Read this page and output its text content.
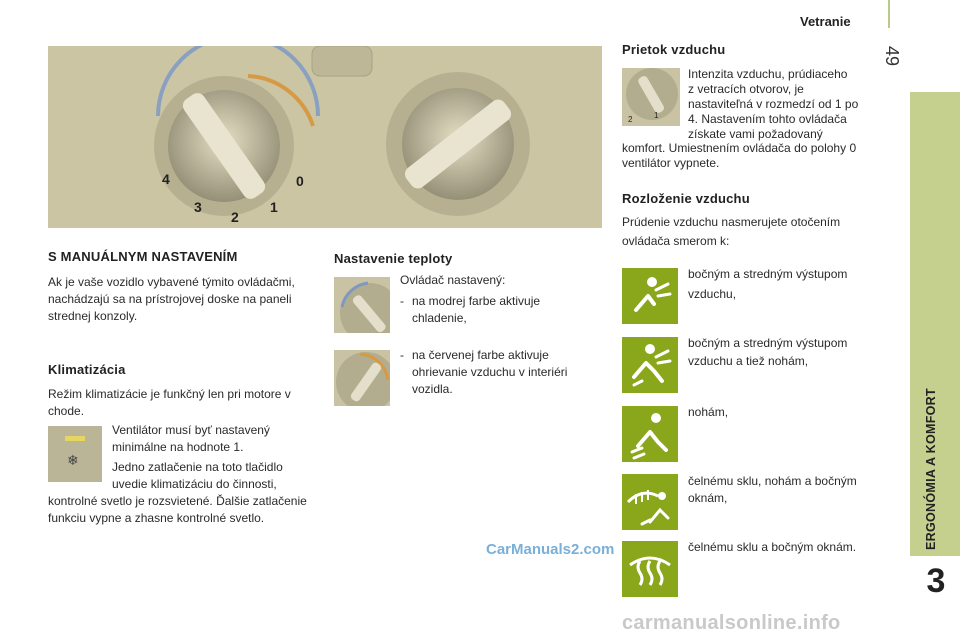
Vetranie
49
ERGONÓMIA A KOMFORT
3
4
3
2
1
0
S MANUÁLNYM NASTAVENÍM

Ak je vaše vozidlo vybavené týmito ovládačmi, nachádzajú sa na prístrojovej doske na paneli strednej konzoly.

Klimatizácia

Režim klimatizácie je funkčný len pri motore v chode.

❄

Ventilátor musí byť nastavený

minimálne na hodnote 1.

Jedno zatlačenie na toto tlačidlo

uvedie klimatizáciu do činnosti,

kontrolné svetlo je rozsvietené. Ďalšie zatlačenie funkciu vypne a zhasne kontrolné svetlo.

Nastavenie teploty

Ovládač nastavený:

- na modrej farbe aktivuje

chladenie,

- na červenej farbe aktivuje

ohrievanie vzduchu v interiéri

vozidla.

Prietok vzduchu
2	1

Intenzita vzduchu, prúdiaceho

z vetracích otvorov, je

nastaviteľná v rozmedzí od 1 po

4. Nastavením tohto ovládača

získate vami požadovaný

komfort. Umiestnením ovládača do polohy 0 ventilátor vypnete.

Rozloženie vzduchu

Prúdenie vzduchu nasmerujete otočením

ovládača smerom k:

bočným a stredným výstupom

vzduchu,

bočným a stredným výstupom

vzduchu a tiež nohám,

nohám,

čelnému sklu, nohám a bočným

oknám,

čelnému sklu a bočným oknám.

CarManuals2.com
carmanualsonline.info
